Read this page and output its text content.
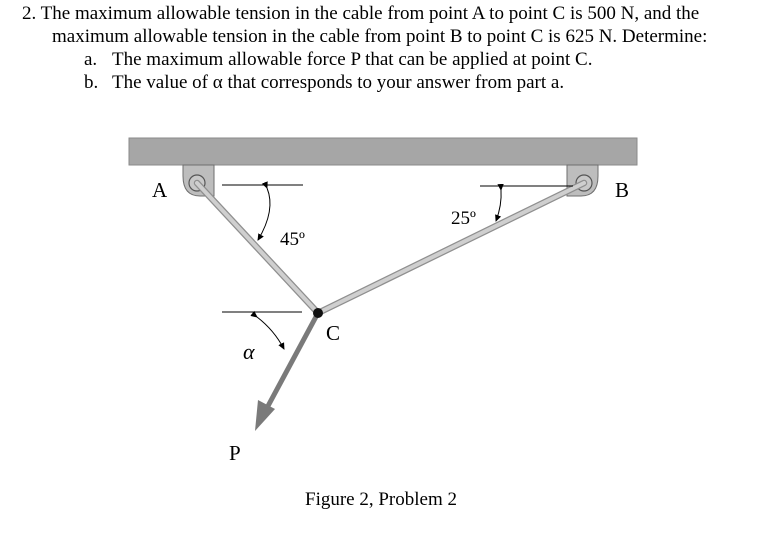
2. The maximum allowable tension in the cable from point A to point C is 500 N, and the
maximum allowable tension in the cable from point B to point C is 625 N. Determine:
a. The maximum allowable force P that can be applied at point C.
b. The value of α that corresponds to your answer from part a.
A	B
C
P
α
45º
25º
Figure 2, Problem 2
